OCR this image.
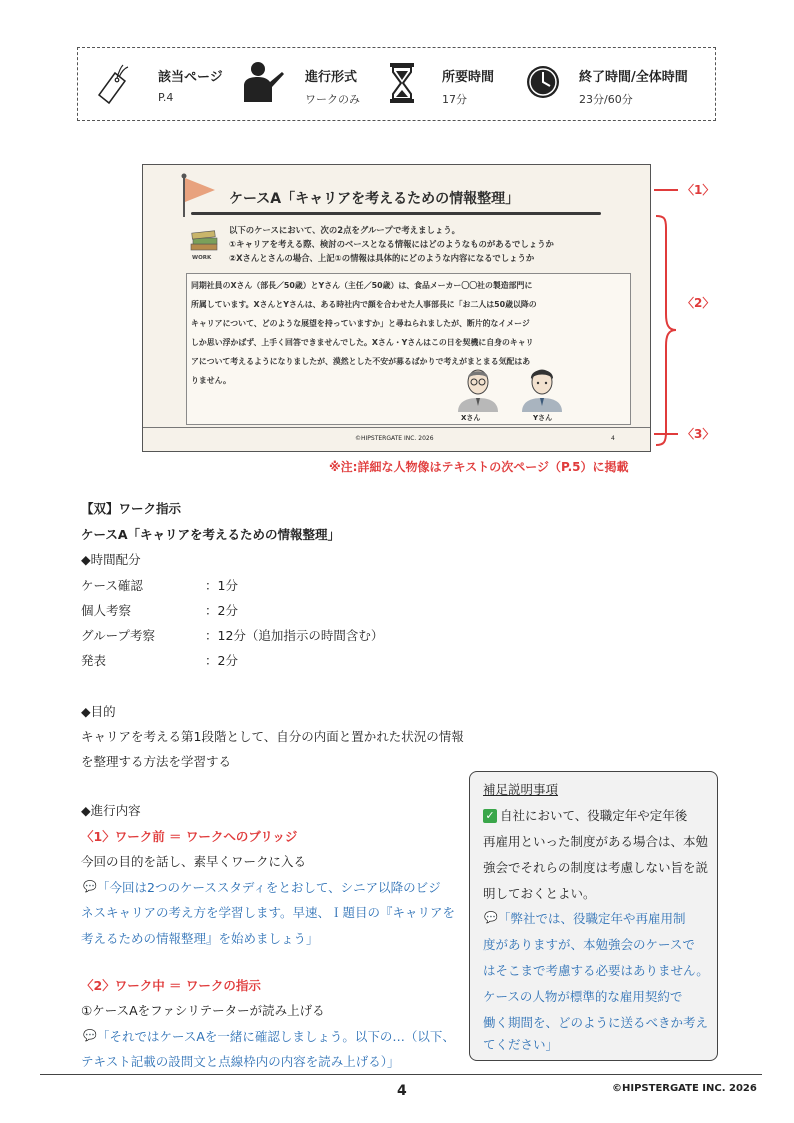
該当ページ
P.4
進行形式
ワークのみ
所要時間
17分
終了時間/全体時間
23分/60分
ケースA「キャリアを考えるための情報整理」
WORK
以下のケースにおいて、次の2点をグループで考えましょう。
①キャリアを考える際、検討のベースとなる情報にはどのようなものがあるでしょうか
②Xさんとさんの場合、上記①の情報は具体的にどのような内容になるでしょうか
同期社員のXさん（部長／50歳）とYさん（主任／50歳）は、食品メーカー〇〇社の製造部門に
所属しています。XさんとYさんは、ある時社内で顔を合わせた人事部長に「お二人は50歳以降の
キャリアについて、どのような展望を持っていますか」と尋ねられましたが、断片的なイメージ
しか思い浮かばず、上手く回答できませんでした。Xさん・Yさんはこの日を契機に自身のキャリ
アについて考えるようになりましたが、漠然とした不安が募るばかりで考えがまとまる気配はあ
りません。
Xさん	Yさん
©HIPSTERGATE INC. 2026	4
〈1〉
〈2〉
〈3〉
※注:詳細な人物像はテキストの次ページ（P.5）に掲載
【双】ワーク指示
ケースA「キャリアを考えるための情報整理」
◆時間配分
ケース確認	：1分
個人考察	：2分
グループ考察	：12分（追加指示の時間含む）
発表	：2分
◆目的
キャリアを考える第1段階として、自分の内面と置かれた状況の情報
を整理する方法を学習する
◆進行内容
〈1〉ワーク前 ＝ ワークへのブリッジ
今回の目的を話し、素早くワークに入る
💬 「今回は2つのケーススタディをとおして、シニア以降のビジ
ネスキャリアの考え方を学習します。早速、Ｉ題目の『キャリアを
考えるための情報整理』を始めましょう」
〈2〉ワーク中 ＝ ワークの指示
①ケースAをファシリテーターが読み上げる
💬 「それではケースAを一緒に確認しましょう。以下の…（以下、
テキスト記載の設問文と点線枠内の内容を読み上げる）」
補足説明事項
✓ 自社において、役職定年や定年後
再雇用といった制度がある場合は、本勉
強会でそれらの制度は考慮しない旨を説
明しておくとよい。
💬 「弊社では、役職定年や再雇用制
度がありますが、本勉強会のケースで
はそこまで考慮する必要はありません。
ケースの人物が標準的な雇用契約で
働く期間を、どのように送るべきか考え
てください」
4	©HIPSTERGATE INC. 2026
